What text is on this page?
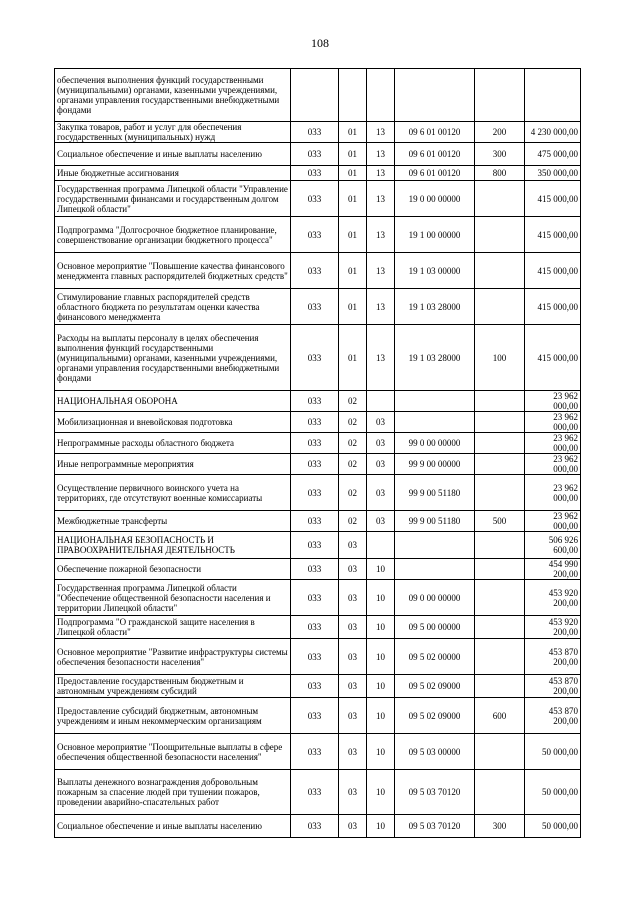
108
обеспечения выполнения функций государственными (муниципальными) органами, казенными учреждениями, органами управления государственными внебюджетными фондами						
Закупка товаров, работ и услуг для обеспечения государственных (муниципальных) нужд	033	01	13	09 6 01 00120	200	4 230 000,00
Социальное обеспечение и иные выплаты населению	033	01	13	09 6 01 00120	300	475 000,00
Иные бюджетные ассигнования	033	01	13	09 6 01 00120	800	350 000,00
Государственная программа Липецкой области "Управление государственными финансами и государственным долгом Липецкой области"	033	01	13	19 0 00 00000		415 000,00
Подпрограмма "Долгосрочное бюджетное планирование, совершенствование организации бюджетного процесса"	033	01	13	19 1 00 00000		415 000,00
Основное мероприятие "Повышение качества финансового менеджмента главных распорядителей бюджетных средств"	033	01	13	19 1 03 00000		415 000,00
Стимулирование главных распорядителей средств областного бюджета по результатам оценки качества финансового менеджмента	033	01	13	19 1 03 28000		415 000,00
Расходы на выплаты персоналу в целях обеспечения выполнения функций государственными (муниципальными) органами, казенными учреждениями, органами управления государственными внебюджетными фондами	033	01	13	19 1 03 28000	100	415 000,00
НАЦИОНАЛЬНАЯ ОБОРОНА	033	02				23 962 000,00
Мобилизационная и вневойсковая подготовка	033	02	03			23 962 000,00
Непрограммные расходы областного бюджета	033	02	03	99 0 00 00000		23 962 000,00
Иные непрограммные мероприятия	033	02	03	99 9 00 00000		23 962 000,00
Осуществление первичного воинского учета на территориях, где отсутствуют военные комиссариаты	033	02	03	99 9 00 51180		23 962 000,00
Межбюджетные трансферты	033	02	03	99 9 00 51180	500	23 962 000,00
НАЦИОНАЛЬНАЯ БЕЗОПАСНОСТЬ И ПРАВООХРАНИТЕЛЬНАЯ ДЕЯТЕЛЬНОСТЬ	033	03				506 926 600,00
Обеспечение пожарной безопасности	033	03	10			454 990 200,00
Государственная программа Липецкой области "Обеспечение общественной безопасности населения и территории Липецкой области"	033	03	10	09 0 00 00000		453 920 200,00
Подпрограмма "О гражданской защите населения в Липецкой области"	033	03	10	09 5 00 00000		453 920 200,00
Основное мероприятие "Развитие инфраструктуры системы обеспечения безопасности населения"	033	03	10	09 5 02 00000		453 870 200,00
Предоставление государственным бюджетным и автономным учреждениям субсидий	033	03	10	09 5 02 09000		453 870 200,00
Предоставление субсидий бюджетным, автономным учреждениям и иным некоммерческим организациям	033	03	10	09 5 02 09000	600	453 870 200,00
Основное мероприятие "Поощрительные выплаты в сфере обеспечения общественной безопасности населения"	033	03	10	09 5 03 00000		50 000,00
Выплаты денежного вознаграждения добровольным пожарным за спасение людей при тушении пожаров, проведении аварийно-спасательных работ	033	03	10	09 5 03 70120		50 000,00
Социальное обеспечение и иные выплаты населению	033	03	10	09 5 03 70120	300	50 000,00
